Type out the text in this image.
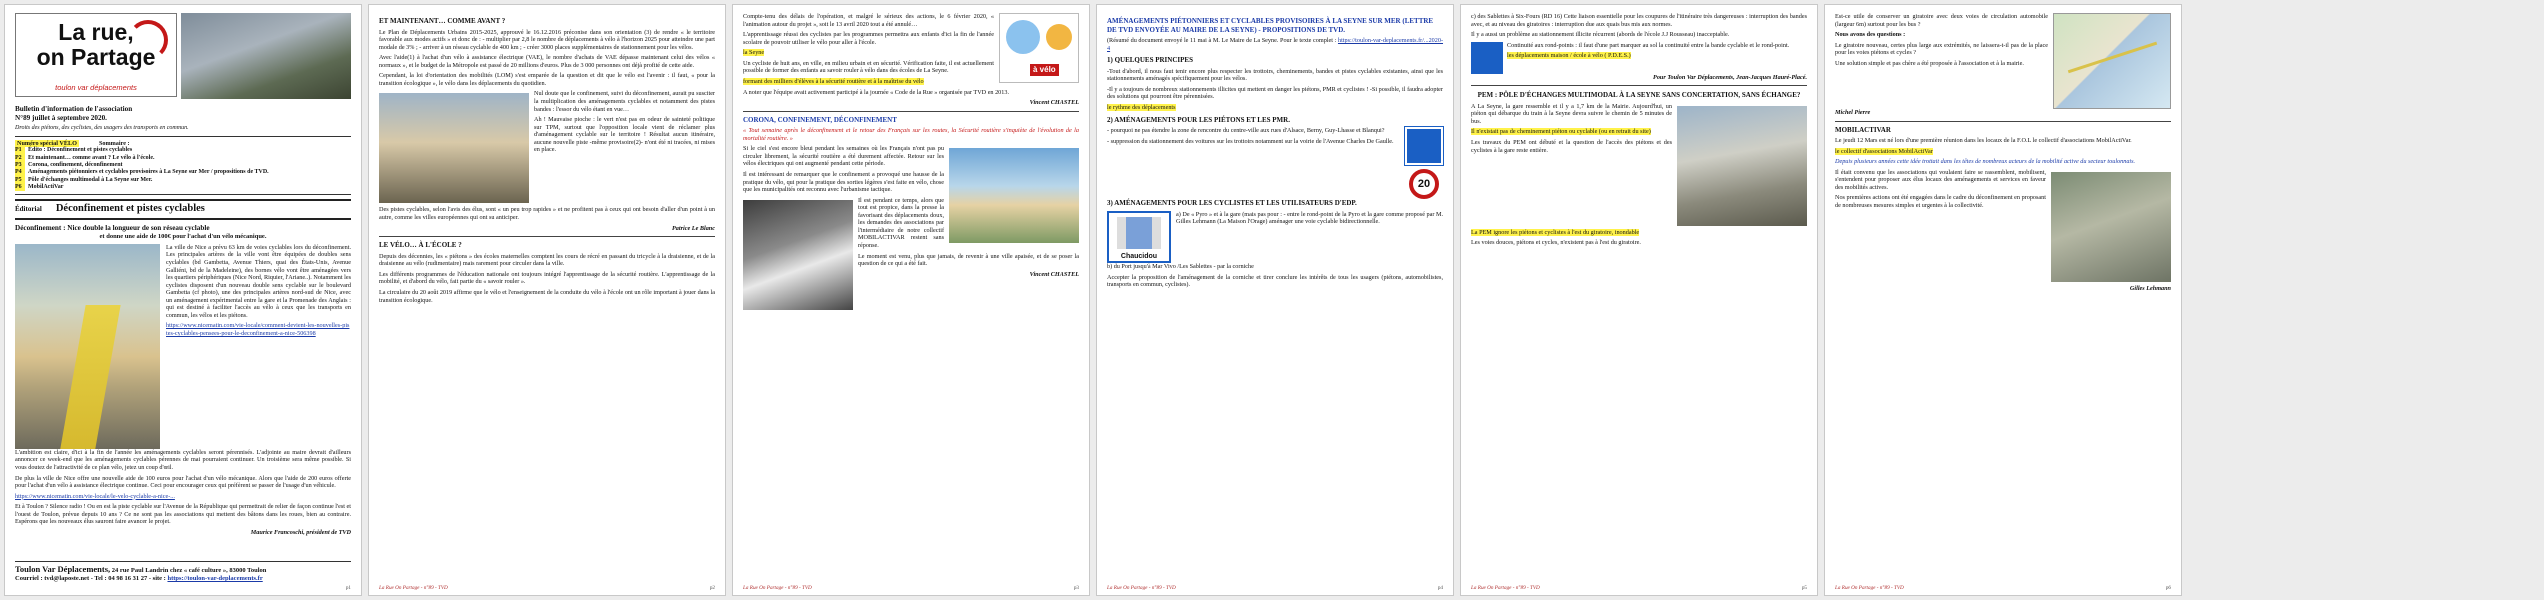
La rue,
on Partage
toulon var déplacements
Bulletin d'information de l'association
N°89 juillet à septembre 2020.
Droits des piétons, des cyclistes, des usagers des transports en commun.
Numéro spécial VÉLO	Sommaire :
P1	Édito : Déconfinement et pistes cyclables
P2	Et maintenant… comme avant ? Le vélo à l'école.
P3	Corona, confinement, déconfinement
P4	Aménagements piétonniers et cyclables provisoires à La Seyne sur Mer / propositions de TVD.
P5	Pôle d'échanges multimodal à La Seyne sur Mer.
P6	MobilActiVar
Éditorial Déconfinement et pistes cyclables
Déconfinement : Nice double la longueur de son réseau cyclable
et donne une aide de 100€ pour l'achat d'un vélo mécanique.
La ville de Nice a prévu 63 km de voies cyclables lors du déconfinement. Les principales artères de la ville vont être équipées de doubles sens cyclables (bd Gambetta, Avenue Thiers, quai des États-Unis, Avenue Galliéni, bd de la Madeleine), des bornes vélo vont être aménagées vers les quartiers périphériques (Nice Nord, Riquier, l'Ariane..). Notamment les cyclistes disposent d'un nouveau double sens cyclable sur le boulevard Gambetta (cf photo), une des principales artères nord-sud de Nice, avec un aménagement expérimental entre la gare et la Promenade des Anglais : qui est destiné à faciliter l'accès au vélo à ceux que les transports en commun, les vélos et les piétons.
https://www.nicematin.com/vie-locale/comment-devient-les-nouvelles-pistes-cyclables-pensees-pour-le-deconfinement-a-nice-506398
L'ambition est claire, d'ici à la fin de l'année les aménagements cyclables seront pérennisés. L'adjointe au maire devrait d'ailleurs annoncer ce week-end que les aménagements cyclables pérennes de mai pourraient continuer. Un troisième sera même possible. Si vous doutez de l'attractivité de ce plan vélo, jetez un coup d'œil.
De plus la ville de Nice offre une nouvelle aide de 100 euros pour l'achat d'un vélo mécanique. Alors que l'aide de 200 euros offerte pour l'achat d'un vélo à assistance électrique continue. Ceci pour encourager ceux qui préfèrent se passer de l'usage d'un véhicule.
https://www.nicematin.com/vie-locale/le-velo-cyclable-a-nice-...
Et à Toulon ? Silence radio ! Ou en est la piste cyclable sur l'Avenue de la République qui permettrait de relier de façon continue l'est et l'ouest de Toulon, prévue depuis 10 ans ? Ce ne sont pas les associations qui mettent des bâtons dans les roues, bien au contraire. Espérons que les nouveaux élus sauront faire avancer le projet.
Maurice Francoschi, président de TVD
Toulon Var Déplacements, 24 rue Paul Landrin chez « café culture », 83000 Toulon
Courriel : tvd@laposte.net - Tel : 04 98 16 31 27 - site : https://toulon-var-deplacements.fr
p1
ET MAINTENANT… COMME AVANT ?
Le Plan de Déplacements Urbains 2015-2025, approuvé le 16.12.2016 préconise dans son orientation (3) de rendre « le territoire favorable aux modes actifs » et donc de : - multiplier par 2,8 le nombre de déplacements à vélo à l'horizon 2025 pour atteindre une part modale de 3% ; - arriver à un réseau cyclable de 400 km ; - créer 3000 places supplémentaires de stationnement pour les vélos.
Avec l'aide(1) à l'achat d'un vélo à assistance électrique (VAE), le nombre d'achats de VAE dépasse maintenant celui des vélos « normaux », et le budget de la Métropole est passé de 20 millions d'euros. Plus de 3 000 personnes ont déjà profité de cette aide.
Cependant, la loi d'orientation des mobilités (LOM) s'est emparée de la question et dit que le vélo est l'avenir : il faut, « pour la transition écologique », le vélo dans les déplacements du quotidien.
Nul doute que le confinement, suivi du déconfinement, aurait pu susciter la multiplication des aménagements cyclables et notamment des pistes bandes : l'essor du vélo étant en vue…
Ah ! Mauvaise pioche : le vert n'est pas en odeur de sainteté politique sur TPM, surtout que l'opposition locale vient de réclamer plus d'aménagement cyclable sur le territoire ! Résultat aucun itinéraire, aucune nouvelle piste -même provisoire(2)- n'ont été ni tracées, ni mises en place.
Des pistes cyclables, selon l'avis des élus, sont « un peu trop rapides » et ne profitent pas à ceux qui ont besoin d'aller d'un point à un autre, comme les villes européennes qui ont su anticiper.
Patrice Le Blanc
LE VÉLO… À L'ÉCOLE ?
Depuis des décennies, les « piétons » des écoles maternelles comptent les cours de récré en passant du tricycle à la draisienne, et de la draisienne au vélo (rudimentaire) mais rarement pour circuler dans la ville.
Les différents programmes de l'éducation nationale ont toujours intégré l'apprentissage de la sécurité routière. L'apprentissage de la mobilité, et d'abord du vélo, fait partie du « savoir rouler ».
La circulaire du 20 août 2019 affirme que le vélo et l'enseignement de la conduite du vélo à l'école ont un rôle important à jouer dans la transition écologique.
La Rue On Partage - n°89 - TVD	p2
à vélo
Compte-tenu des délais de l'opération, et malgré le sérieux des actions, le 6 février 2020, « l'animation autour du projet », soit le 13 avril 2020 tout a été annulé…
L'apprentissage réussi des cyclistes par les programmes permettra aux enfants d'ici la fin de l'année scolaire de pouvoir utiliser le vélo pour aller à l'école.
la Seyne
Un cycliste de huit ans, en ville, en milieu urbain et en sécurité. Vérification faite, il est actuellement possible de former des enfants au savoir rouler à vélo dans des écoles de La Seyne.
formant des milliers d'élèves à la sécurité routière et à la maîtrise du vélo
A noter que l'équipe avait activement participé à la journée « Code de la Rue » organisée par TVD en 2013.
Vincent CHASTEL
CORONA, CONFINEMENT, DÉCONFINEMENT
« Tout semaine après le déconfinement et le retour des Français sur les routes, la Sécurité routière s'inquiète de l'évolution de la mortalité routière. »
Si le ciel s'est encore bleui pendant les semaines où les Français n'ont pas pu circuler librement, la sécurité routière a été durement affectée. Retour sur les vélos électriques qui ont augmenté pendant cette période.
Il est intéressant de remarquer que le confinement a provoqué une hausse de la pratique du vélo, qui pour la pratique des sorties légères s'est faite en vélo, chose que les municipalités ont reconnu avec l'urbanisme tactique.
Il est pendant ce temps, alors que tout est propice, dans la presse la favorisant des déplacements doux, les demandes des associations par l'intermédiaire de notre collectif MOBILACTIVAR restent sans réponse.
Le moment est venu, plus que jamais, de revenir à une ville apaisée, et de se poser la question de ce qui a été fait.
Vincent CHASTEL
La Rue On Partage - n°89 - TVD	p3
AMÉNAGEMENTS PIÉTONNIERS ET CYCLABLES PROVISOIRES À LA SEYNE SUR MER (LETTRE DE TVD ENVOYÉE AU MAIRE DE LA SEYNE) - PROPOSITIONS DE TVD.
(Résumé du document envoyé le 11 mai à M. Le Maire de La Seyne. Pour le texte complet : https://toulon-var-deplacements.fr/...2020-4
1) QUELQUES PRINCIPES
-Tout d'abord, il nous faut tenir encore plus respecter les trottoirs, cheminements, bandes et pistes cyclables existantes, ainsi que les stationnements aménagés spécifiquement pour les vélos.
-Il y a toujours de nombreux stationnements illicites qui mettent en danger les piétons, PMR et cyclistes ! -Si possible, il faudra adopter des solutions qui pourront être pérennisées.
le rythme des déplacements
2) AMÉNAGEMENTS POUR LES PIÉTONS ET LES PMR.
20
- pourquoi ne pas étendre la zone de rencontre du centre-ville aux rues d'Alsace, Berny, Guy-Lhasse et Blanqui?
- suppression du stationnement des voitures sur les trottoirs notamment sur la voirie de l'Avenue Charles De Gaulle.
3) AMÉNAGEMENTS POUR LES CYCLISTES ET LES UTILISATEURS D'EDP.
Chaucidou
a) De « Pyro » et à la gare (mais pas pour : - entre le rond-point de la Pyro et la gare comme proposé par M. Gilles Lehmann (La Maison l'Orage) aménager une voie cyclable bidirectionnelle.
b) du Port jusqu'à Mar Vivo /Les Sablettes - par la corniche
Accepter la proposition de l'aménagement de la corniche et tirer conclure les intérêts de tous les usagers (piétons, automobilistes, transports en commun, cyclistes).
La Rue On Partage - n°89 - TVD	p4
c) des Sablettes à Six-Fours (RD 16) Cette liaison essentielle pour les coupures de l'itinéraire très dangereuses : interruption des bandes avec, et au niveau des giratoires : interruption due aux quais bus mis aux normes.
Il y a aussi un problème au stationnement illicite récurrent (abords de l'école J.J Rousseau) inacceptable.
Continuité aux rond-points : il faut d'une part marquer au sol la continuité entre la bande cyclable et le rond-point.
les déplacements maison / école à vélo ( P.D.E.S.)
Pour Toulon Var Déplacements, Jean-Jacques Hauré-Placé.
PEM : PÔLE D'ÉCHANGES MULTIMODAL À LA SEYNE SANS CONCERTATION, SANS ÉCHANGE?
A La Seyne, la gare ressemble et il y a 1,7 km de la Mairie. Aujourd'hui, un piéton qui débarque du train à la Seyne devra suivre le chemin de 5 minutes de bus.
Il n'existait pas de cheminement piéton ou cyclable (ou en retrait du site)
Les travaux du PEM ont débuté et la question de l'accès des piétons et des cyclistes à la gare reste entière.
La PEM ignore les piétons et cyclistes à l'est du giratoire, inondable
Les voies douces, piétons et cycles, n'existent pas à l'est du giratoire.
La Rue On Partage - n°89 - TVD	p5
Est-ce utile de conserver un giratoire avec deux voies de circulation automobile (largeur 6m) surtout pour les bus ?
Nous avons des questions :
Le giratoire nouveau, certes plus large aux extrémités, ne laissera-t-il pas de la place pour les voies piétons et cycles ?
Une solution simple et pas chère a été proposée à l'association et à la mairie.
Michel Pierre
MOBILACTIVAR
Le jeudi 12 Mars est né lors d'une première réunion dans les locaux de la F.O.L le collectif d'associations MobilActiVar.
le collectif d'associations MobilActiVar
Depuis plusieurs années cette idée trottait dans les têtes de nombreux acteurs de la mobilité active du secteur toulonnais.
Il était convenu que les associations qui voulaient faire se rassemblent, mobilisent, s'entendent pour proposer aux élus locaux des aménagements et services en faveur des mobilités actives.
Nos premières actions ont été engagées dans le cadre du déconfinement en proposant de nombreuses mesures simples et urgentes à la collectivité.
Gilles Lehmann
La Rue On Partage - n°89 - TVD	p6
